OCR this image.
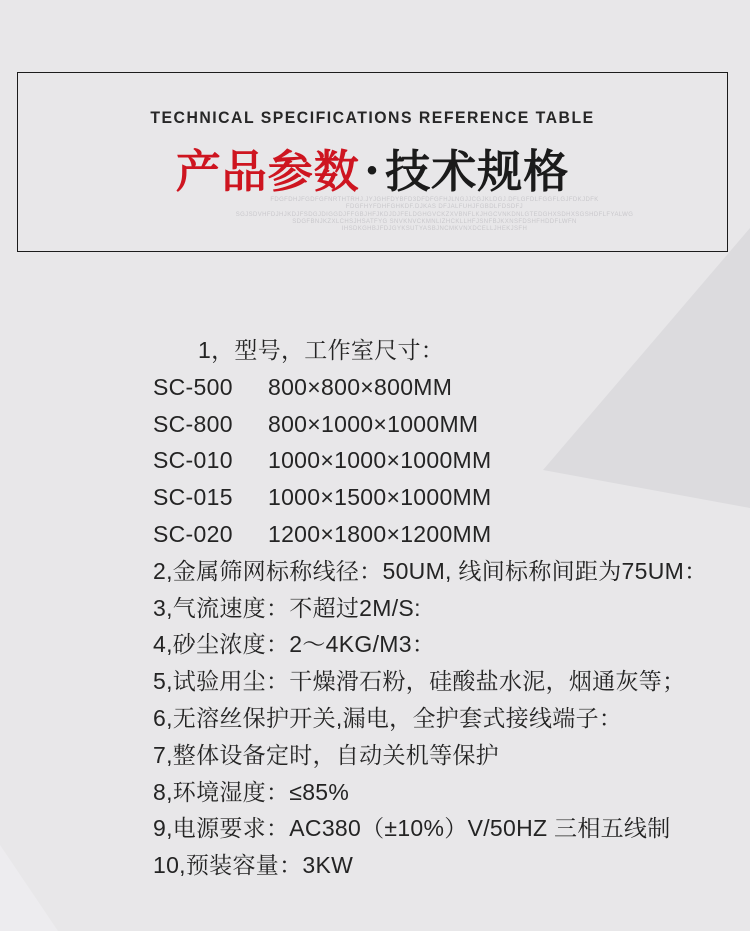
TECHNICAL SPECIFICATIONS REFERENCE TABLE
产品参数 • 技术规格
FDGFDHJFGDFGFNRTHTRHJ.JYJGHFDYBFD3DFDFGFHJLNGJJCGJKLDGJ.DFLGFDLFGGFLGJFDKJDFK
FDGFHYFDHFGHKDF.DJKAS DFJALFUHJFGBDLFDSDFJ
SGJSDVHFDJHJKDJFSDGJDIGGDJFFGBJHFJKDJDJFELDGHGVCKZXVBNFLKJHGCVNKDNLGTEDGHXSDHXSGSHDFLFYALWG
SDGFBNJKZXLCHSJHSATFYG SNVKNVCKMNLIZHCKLLHFJSNFBJKXNSFDSHFHDDFLWFN
IHSDKGHBJFDJGYKSUTYASBJNCMKVNXDCELLJHEKJSFH
1，型号，工作室尺寸：
SC-500	800×800×800MM
SC-800	800×1000×1000MM
SC-010	1000×1000×1000MM
SC-015	1000×1500×1000MM
SC-020	1200×1800×1200MM
2,金属筛网标称线径：50UM, 线间标称间距为75UM：
3,气流速度：不超过2M/S:
4,砂尘浓度：2～4KG/M3：
5,试验用尘：干燥滑石粉，硅酸盐水泥，烟通灰等；
6,无溶丝保护开关,漏电，全护套式接线端子：
7,整体设备定时，自动关机等保护
8,环境湿度：≤85%
9,电源要求：AC380（±10%）V/50HZ 三相五线制
10,预装容量：3KW
